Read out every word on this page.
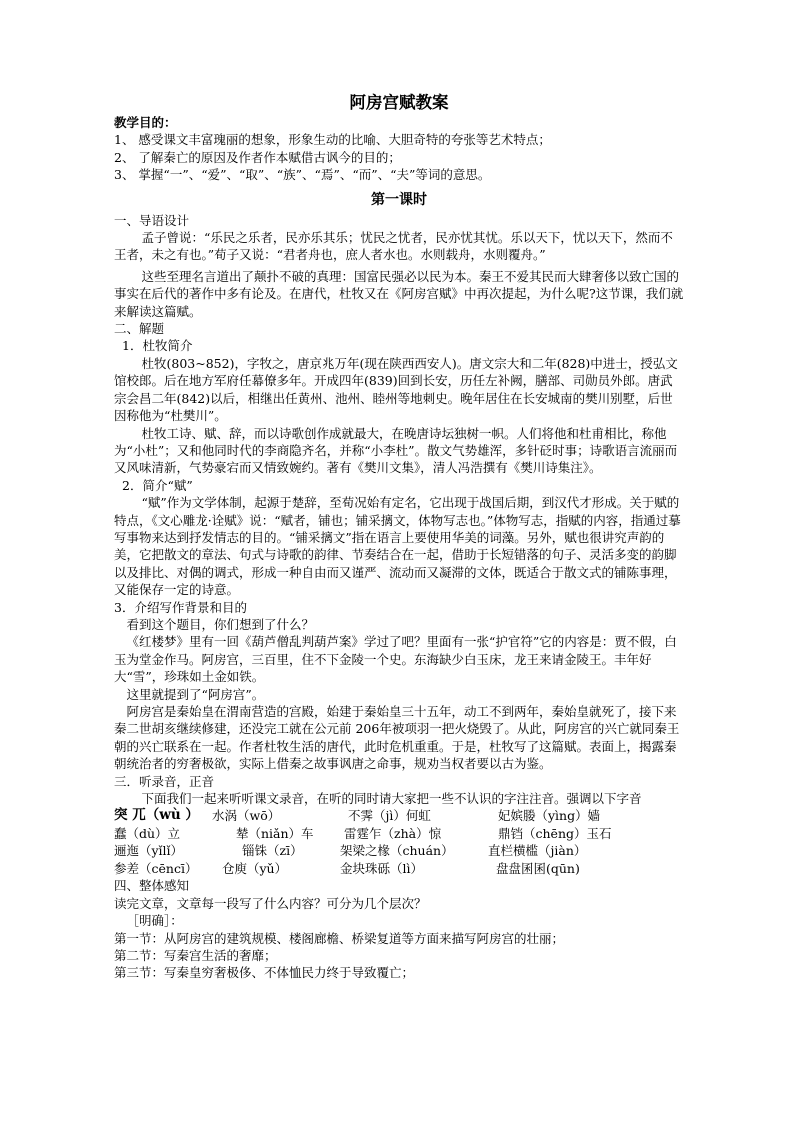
阿房宫赋教案

教学目的：

1、 感受课文丰富瑰丽的想象，形象生动的比喻、大胆奇特的夸张等艺术特点；

2、 了解秦亡的原因及作者作本赋借古讽今的目的；

3、 掌握“一”、“爱”、“取”、“族”、“焉”、“而”、“夫”等词的意思。

第一课时

一、导语设计

孟子曾说：“乐民之乐者，民亦乐其乐；忧民之忧者，民亦忧其忧。乐以天下，忧以天下，然而不王者，未之有也。”荀子又说：“君者舟也，庶人者水也。水则载舟，水则覆舟。”

这些至理名言道出了颠扑不破的真理：国富民强必以民为本。秦王不爱其民而大肆奢侈以致亡国的事实在后代的著作中多有论及。在唐代，杜牧又在《阿房宫赋》中再次提起，为什么呢?这节课，我们就来解读这篇赋。

二、解题

1．杜牧简介

杜牧(803~852)，字牧之，唐京兆万年(现在陕西西安人)。唐文宗大和二年(828)中进士，授弘文馆校郎。后在地方军府任幕僚多年。开成四年(839)回到长安，历任左补阙，膳部、司勋员外郎。唐武宗会昌二年(842)以后，相继出任黄州、池州、睦州等地刺史。晚年居住在长安城南的樊川别墅，后世因称他为“杜樊川”。

杜牧工诗、赋、辞，而以诗歌创作成就最大，在晚唐诗坛独树一帜。人们将他和杜甫相比，称他为“小杜”；又和他同时代的李商隐齐名，并称“小李杜”。散文气势雄浑，多针砭时事；诗歌语言流丽而又风味清新，气势豪宕而又情致婉约。著有《樊川文集》，清人冯浩撰有《樊川诗集注》。

2．简介“赋”

“赋”作为文学体制，起源于楚辞，至荀况始有定名，它出现于战国后期，到汉代才形成。关于赋的特点，《文心雕龙·诠赋》说：“赋者，铺也；铺采摛文，体物写志也。”体物写志，指赋的内容，指通过摹写事物来达到抒发情志的目的。“铺采摛文”指在语言上要使用华美的词藻。另外，赋也很讲究声韵的美，它把散文的章法、句式与诗歌的韵律、节奏结合在一起，借助于长短错落的句子、灵活多变的韵脚以及排比、对偶的调式，形成一种自由而又谨严、流动而又凝滞的文体，既适合于散文式的铺陈事理，又能保存一定的诗意。

3．介绍写作背景和目的

看到这个题目，你们想到了什么？

《红楼梦》里有一回《葫芦僧乱判葫芦案》学过了吧？里面有一张“护官符”它的内容是：贾不假，白玉为堂金作马。阿房宫，三百里，住不下金陵一个史。东海缺少白玉床，龙王来请金陵王。丰年好大“雪”，珍珠如土金如铁。

这里就提到了“阿房宫”。

阿房宫是秦始皇在渭南营造的宫殿，始建于秦始皇三十五年，动工不到两年，秦始皇就死了，接下来秦二世胡亥继续修建，还没完工就在公元前 206年被项羽一把火烧毁了。从此，阿房宫的兴亡就同秦王朝的兴亡联系在一起。作者杜牧生活的唐代，此时危机重重。于是，杜牧写了这篇赋。表面上，揭露秦朝统治者的穷奢极欲，实际上借秦之故事讽唐之命事，规劝当权者要以古为鉴。

三．听录音，正音

下面我们一起来听听课文录音，在听的同时请大家把一些不认识的字注注音。强调以下字音

突 兀（wù ）	水涡（wō）	不霁（jì）何虹	妃嫔媵（yìng）嫱
蠢（dù）立	辇（niǎn）车	雷霆乍（zhà）惊	鼎铛（chēng）玉石
逦迤（yǐlǐ）	锱铢（zī）	架梁之椽（chuán）	直栏横槛（jiàn）
参差（cēncī）	仓庾（yǔ）	金块珠砾（lì）	盘盘囷囷(qūn)

四、整体感知

读完文章，文章每一段写了什么内容？可分为几个层次？

［明确］：

第一节：从阿房宫的建筑规模、楼阁廊檐、桥梁复道等方面来描写阿房宫的壮丽；

第二节：写秦宫生活的奢靡；

第三节：写秦皇穷奢极侈、不体恤民力终于导致覆亡；
